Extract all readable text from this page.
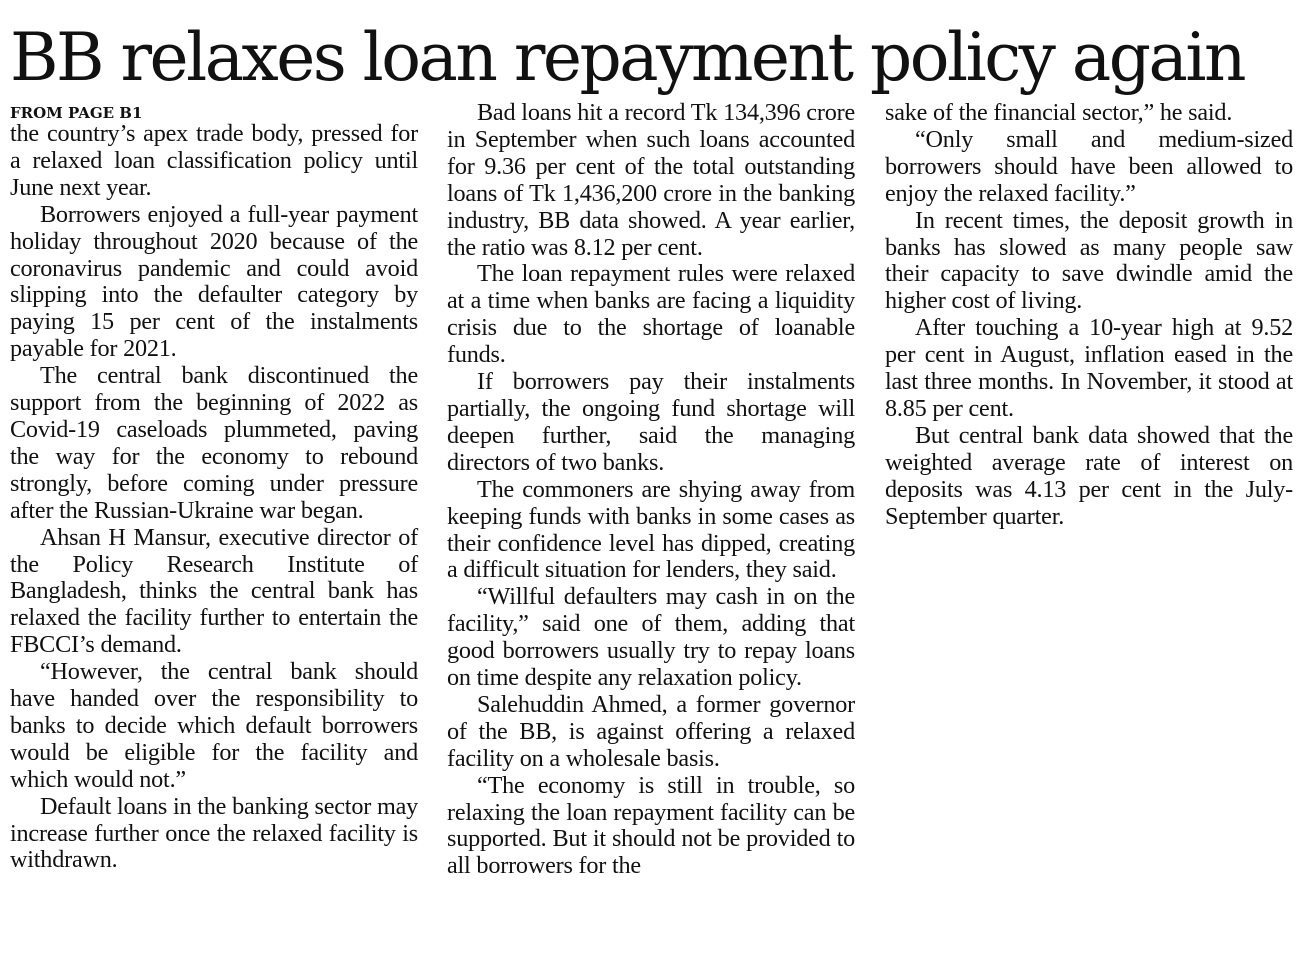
BB relaxes loan repayment policy again
FROM PAGE B1

the country’s apex trade body, pressed for a relaxed loan classification policy until June next year.

Borrowers enjoyed a full-year payment holiday throughout 2020 because of the coronavirus pandemic and could avoid slipping into the defaulter category by paying 15 per cent of the instalments payable for 2021.

The central bank discontinued the support from the beginning of 2022 as Covid-19 caseloads plummeted, paving the way for the economy to rebound strongly, before coming under pressure after the Russian-Ukraine war began.

Ahsan H Mansur, executive director of the Policy Research Institute of Bangladesh, thinks the central bank has relaxed the facility further to entertain the FBCCI’s demand.

“However, the central bank should have handed over the responsibility to banks to decide which default borrowers would be eligible for the facility and which would not.”

Default loans in the banking sector may increase further once the relaxed facility is withdrawn.

Bad loans hit a record Tk 134,396 crore in September when such loans accounted for 9.36 per cent of the total outstanding loans of Tk 1,436,200 crore in the banking industry, BB data showed. A year earlier, the ratio was 8.12 per cent.

The loan repayment rules were relaxed at a time when banks are facing a liquidity crisis due to the shortage of loanable funds.

If borrowers pay their instalments partially, the ongoing fund shortage will deepen further, said the managing directors of two banks.

The commoners are shying away from keeping funds with banks in some cases as their confidence level has dipped, creating a difficult situation for lenders, they said.

“Willful defaulters may cash in on the facility,” said one of them, adding that good borrowers usually try to repay loans on time despite any relaxation policy.

Salehuddin Ahmed, a former governor of the BB, is against offering a relaxed facility on a wholesale basis.

“The economy is still in trouble, so relaxing the loan repayment facility can be supported. But it should not be provided to all borrowers for the

sake of the financial sector,” he said.

“Only small and medium-sized borrowers should have been allowed to enjoy the relaxed facility.”

In recent times, the deposit growth in banks has slowed as many people saw their capacity to save dwindle amid the higher cost of living.

After touching a 10-year high at 9.52 per cent in August, inflation eased in the last three months. In November, it stood at 8.85 per cent.

But central bank data showed that the weighted average rate of interest on deposits was 4.13 per cent in the July-September quarter.
